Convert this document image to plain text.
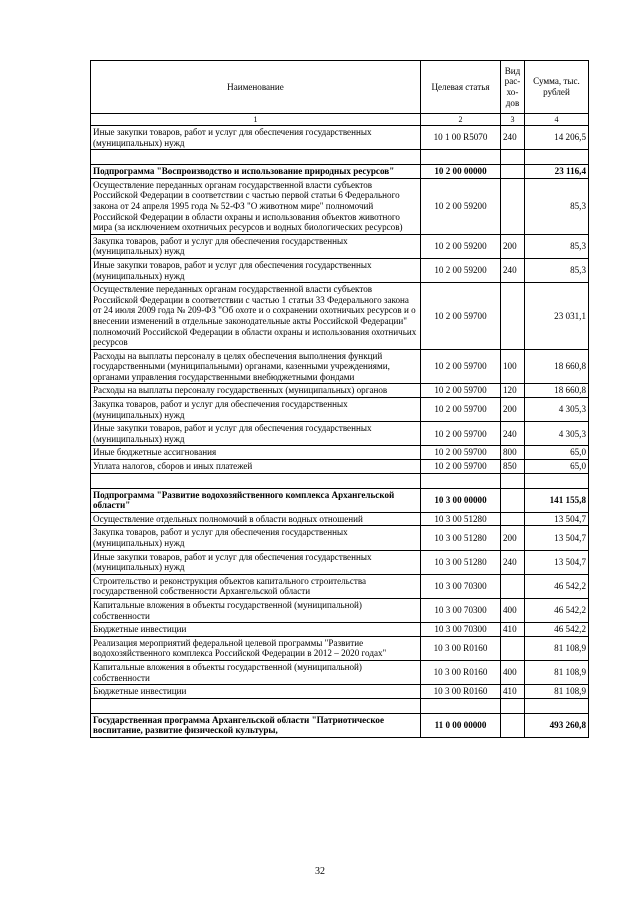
Наименование	Целевая статья	Вид рас- хо- дов	Сумма, тыс. рублей
1	2	3	4
Иные закупки товаров, работ и услуг для обеспечения государственных (муниципальных) нужд	10 1 00 R5070	240	14 206,5

Подпрограмма "Воспроизводство и использование природных ресурсов"	10 2 00 00000		23 116,4
Осуществление переданных органам государственной власти субъектов Российской Федерации в соответствии с частью первой статьи 6 Федерального закона от 24 апреля 1995 года № 52-ФЗ "О животном мире" полномочий Российской Федерации в области охраны и использования объектов животного мира (за исключением охотничьих ресурсов и водных биологических ресурсов)	10 2 00 59200		85,3
Закупка товаров, работ и услуг для обеспечения государственных (муниципальных) нужд	10 2 00 59200	200	85,3
Иные закупки товаров, работ и услуг для обеспечения государственных (муниципальных) нужд	10 2 00 59200	240	85,3
Осуществление переданных органам государственной власти субъектов Российской Федерации в соответствии с частью 1 статьи 33 Федерального закона от 24 июля 2009 года № 209-ФЗ "Об охоте и о сохранении охотничьих ресурсов и о внесении изменений в отдельные законодательные акты Российской Федерации" полномочий Российской Федерации в области охраны и использования охотничьих ресурсов	10 2 00 59700		23 031,1
Расходы на выплаты персоналу в целях обеспечения выполнения функций государственными (муниципальными) органами, казенными учреждениями, органами управления государственными внебюджетными фондами	10 2 00 59700	100	18 660,8
Расходы на выплаты персоналу государственных (муниципальных) органов	10 2 00 59700	120	18 660,8
Закупка товаров, работ и услуг для обеспечения государственных (муниципальных) нужд	10 2 00 59700	200	4 305,3
Иные закупки товаров, работ и услуг для обеспечения государственных (муниципальных) нужд	10 2 00 59700	240	4 305,3
Иные бюджетные ассигнования	10 2 00 59700	800	65,0
Уплата налогов, сборов и иных платежей	10 2 00 59700	850	65,0

Подпрограмма "Развитие водохозяйственного комплекса Архангельской области"	10 3 00 00000		141 155,8
Осуществление отдельных полномочий в области водных отношений	10 3 00 51280		13 504,7
Закупка товаров, работ и услуг для обеспечения государственных (муниципальных) нужд	10 3 00 51280	200	13 504,7
Иные закупки товаров, работ и услуг для обеспечения государственных (муниципальных) нужд	10 3 00 51280	240	13 504,7
Строительство и реконструкция объектов капитального строительства государственной собственности Архангельской области	10 3 00 70300		46 542,2
Капитальные вложения в объекты государственной (муниципальной) собственности	10 3 00 70300	400	46 542,2
Бюджетные инвестиции	10 3 00 70300	410	46 542,2
Реализация мероприятий федеральной целевой программы "Развитие водохозяйственного комплекса Российской Федерации в 2012 – 2020 годах"	10 3 00 R0160		81 108,9
Капитальные вложения в объекты государственной (муниципальной) собственности	10 3 00 R0160	400	81 108,9
Бюджетные инвестиции	10 3 00 R0160	410	81 108,9

Государственная программа Архангельской области "Патриотическое воспитание, развитие физической культуры,	11 0 00 00000		493 260,8
32
